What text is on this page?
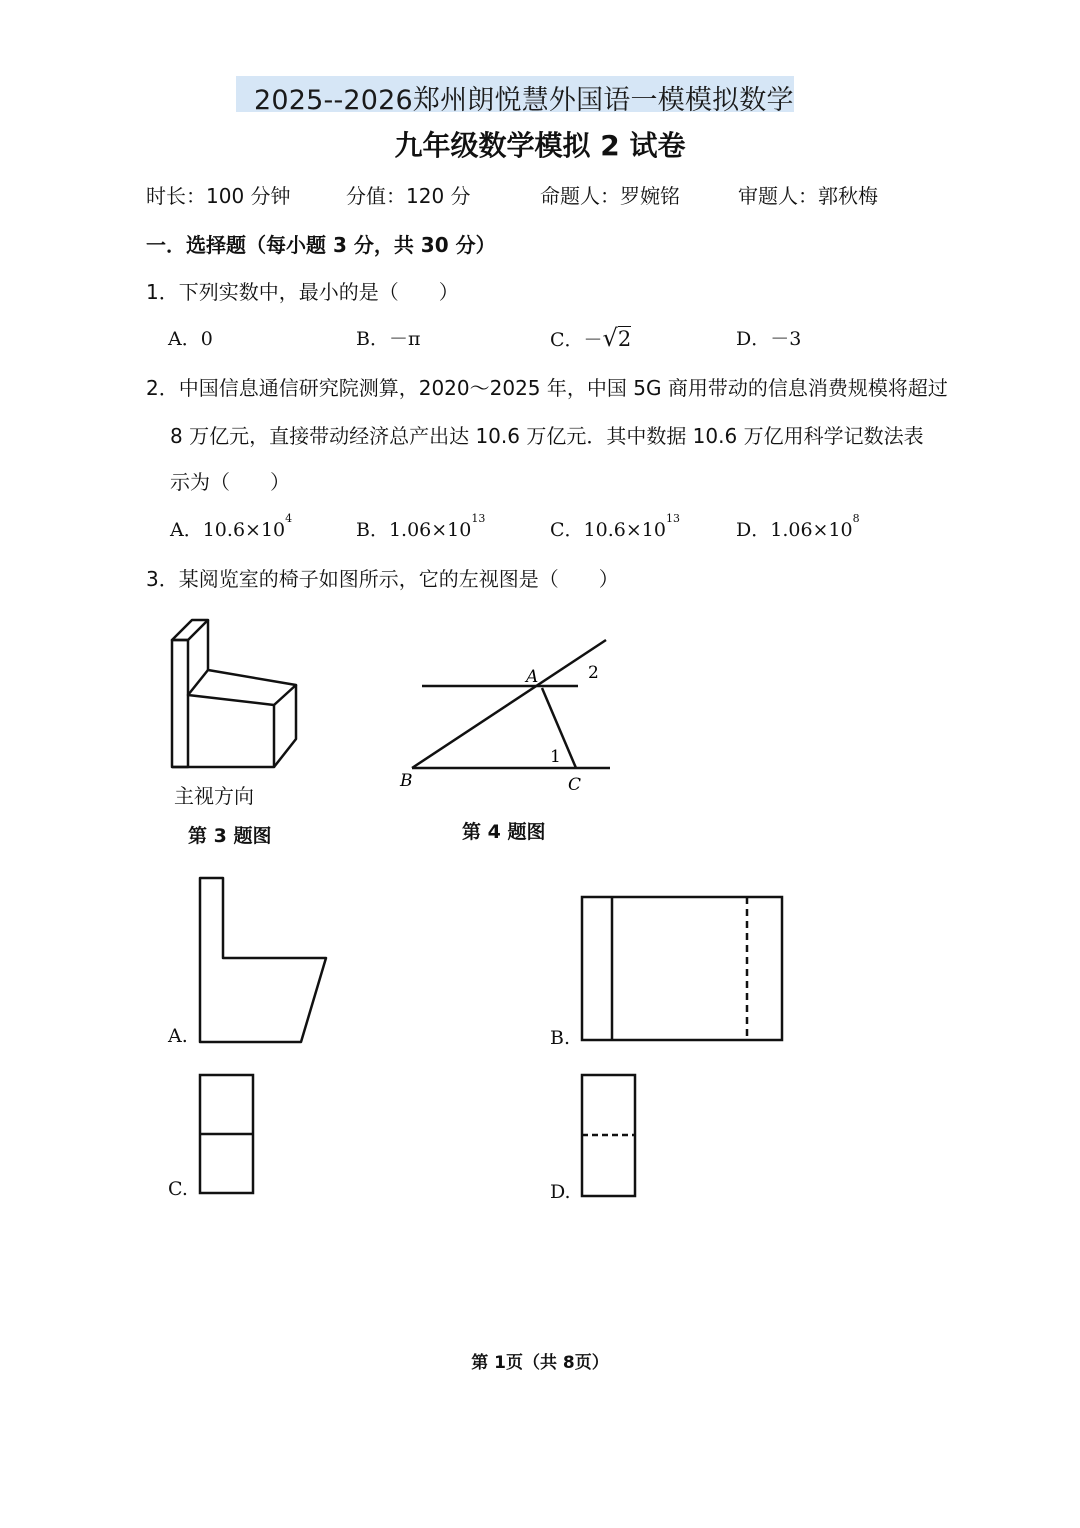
2025--2026郑州朗悦慧外国语一模模拟数学
九年级数学模拟 2 试卷
时长：100 分钟	分值：120 分	命题人：罗婉铭	审题人：郭秋梅
一．选择题（每小题 3 分，共 30 分）
1．下列实数中，最小的是（　　）
A．0	B．－π	C．－√2	D．－3
2．中国信息通信研究院测算，2020～2025 年，中国 5G 商用带动的信息消费规模将超过
8 万亿元，直接带动经济总产出达 10.6 万亿元．其中数据 10.6 万亿用科学记数法表
示为（　　）
A．$10.6\times 10^4$
B．$1.06\times 10^{13}$
C．$10.6\times 10^{13}$
D．$1.06\times 10^8$
3．某阅览室的椅子如图所示，它的左视图是（　　）
主视方向
第 3 题图
A
B	C
1
2
第 4 题图
A.	B.
C.	D.
第 1页（共 8页）
